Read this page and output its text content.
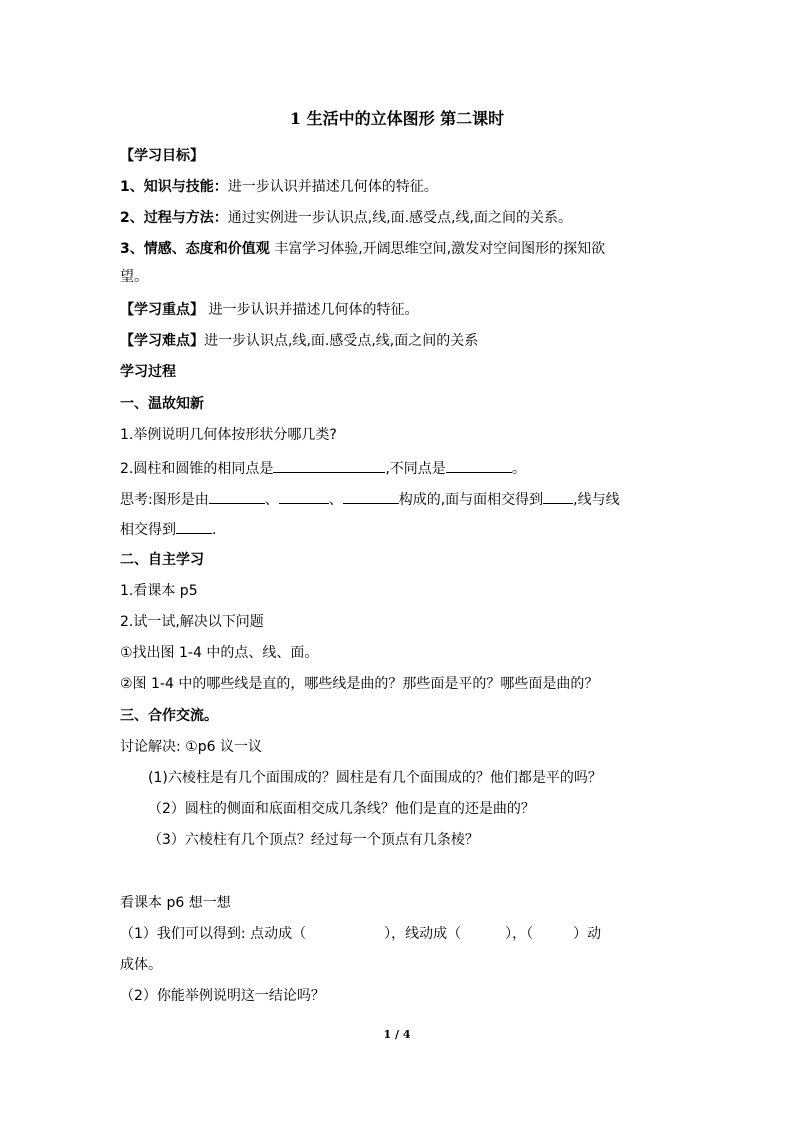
1 生活中的立体图形 第二课时
【学习目标】
1、知识与技能：进一步认识并描述几何体的特征。
2、过程与方法：通过实例进一步认识点,线,面.感受点,线,面之间的关系。
3、情感、态度和价值观 丰富学习体验,开阔思维空间,激发对空间图形的探知欲
望。
【学习重点】 进一步认识并描述几何体的特征。
【学习难点】进一步认识点,线,面.感受点,线,面之间的关系
学习过程
一、温故知新
1.举例说明几何体按形状分哪几类?
2.圆柱和圆锥的相同点是	,不同点是	。
思考:图形是由	、	、	构成的,面与面相交得到 ,线与线
相交得到	.
二、自主学习
1.看课本 p5
2.试一试,解决以下问题
①找出图 1-4 中的点、线、面。
②图 1-4 中的哪些线是直的，哪些线是曲的？那些面是平的？哪些面是曲的？
三、合作交流。
讨论解决: ①p6 议一议
(1)六棱柱是有几个面围成的？圆柱是有几个面围成的？他们都是平的吗？
（2）圆柱的侧面和底面相交成几条线？他们是直的还是曲的？
（3）六棱柱有几个顶点？经过每一个顶点有几条棱？
看课本 p6 想一想
（1）我们可以得到: 点动成（	），线动成（	），（	）动
成体。
（2）你能举例说明这一结论吗？
1 / 4
